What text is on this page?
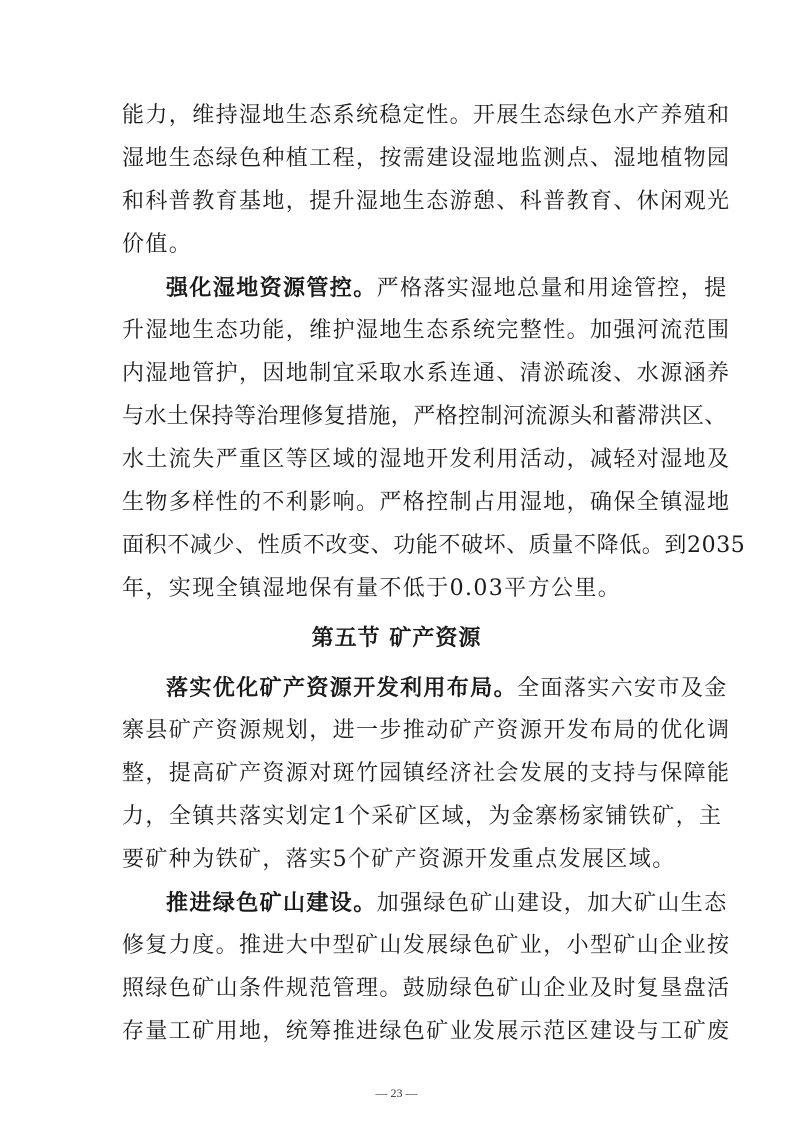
能力，维持湿地生态系统稳定性。开展生态绿色水产养殖和
湿地生态绿色种植工程，按需建设湿地监测点、湿地植物园
和科普教育基地，提升湿地生态游憩、科普教育、休闲观光
价值。
强化湿地资源管控。严格落实湿地总量和用途管控，提
升湿地生态功能，维护湿地生态系统完整性。加强河流范围
内湿地管护，因地制宜采取水系连通、清淤疏浚、水源涵养
与水土保持等治理修复措施，严格控制河流源头和蓄滞洪区、
水土流失严重区等区域的湿地开发利用活动，减轻对湿地及
生物多样性的不利影响。严格控制占用湿地，确保全镇湿地
面积不减少、性质不改变、功能不破坏、质量不降低。到2035
年，实现全镇湿地保有量不低于0.03平方公里。
第五节 矿产资源
落实优化矿产资源开发利用布局。全面落实六安市及金
寨县矿产资源规划，进一步推动矿产资源开发布局的优化调
整，提高矿产资源对斑竹园镇经济社会发展的支持与保障能
力，全镇共落实划定1个采矿区域，为金寨杨家铺铁矿，主
要矿种为铁矿，落实5个矿产资源开发重点发展区域。
推进绿色矿山建设。加强绿色矿山建设，加大矿山生态
修复力度。推进大中型矿山发展绿色矿业，小型矿山企业按
照绿色矿山条件规范管理。鼓励绿色矿山企业及时复垦盘活
存量工矿用地，统筹推进绿色矿业发展示范区建设与工矿废
— 23 —
